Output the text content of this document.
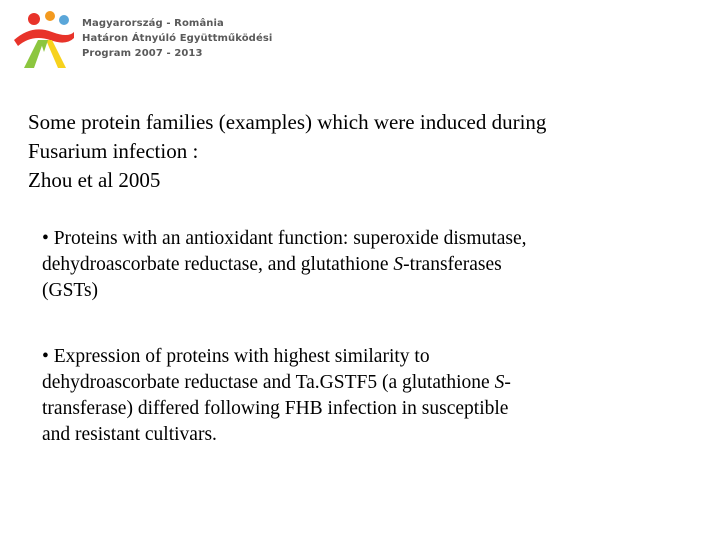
Magyarország - România
Határon Átnyúló Együttműködési
Program 2007 - 2013
Some protein families (examples) which were induced during
Fusarium infection :
Zhou et al 2005
• Proteins with an antioxidant function: superoxide dismutase,
dehydroascorbate reductase, and glutathione S-transferases
(GSTs)
• Expression of proteins with highest similarity to
dehydroascorbate reductase and Ta.GSTF5 (a glutathione S-
transferase) differed following FHB infection in susceptible
and resistant cultivars.
